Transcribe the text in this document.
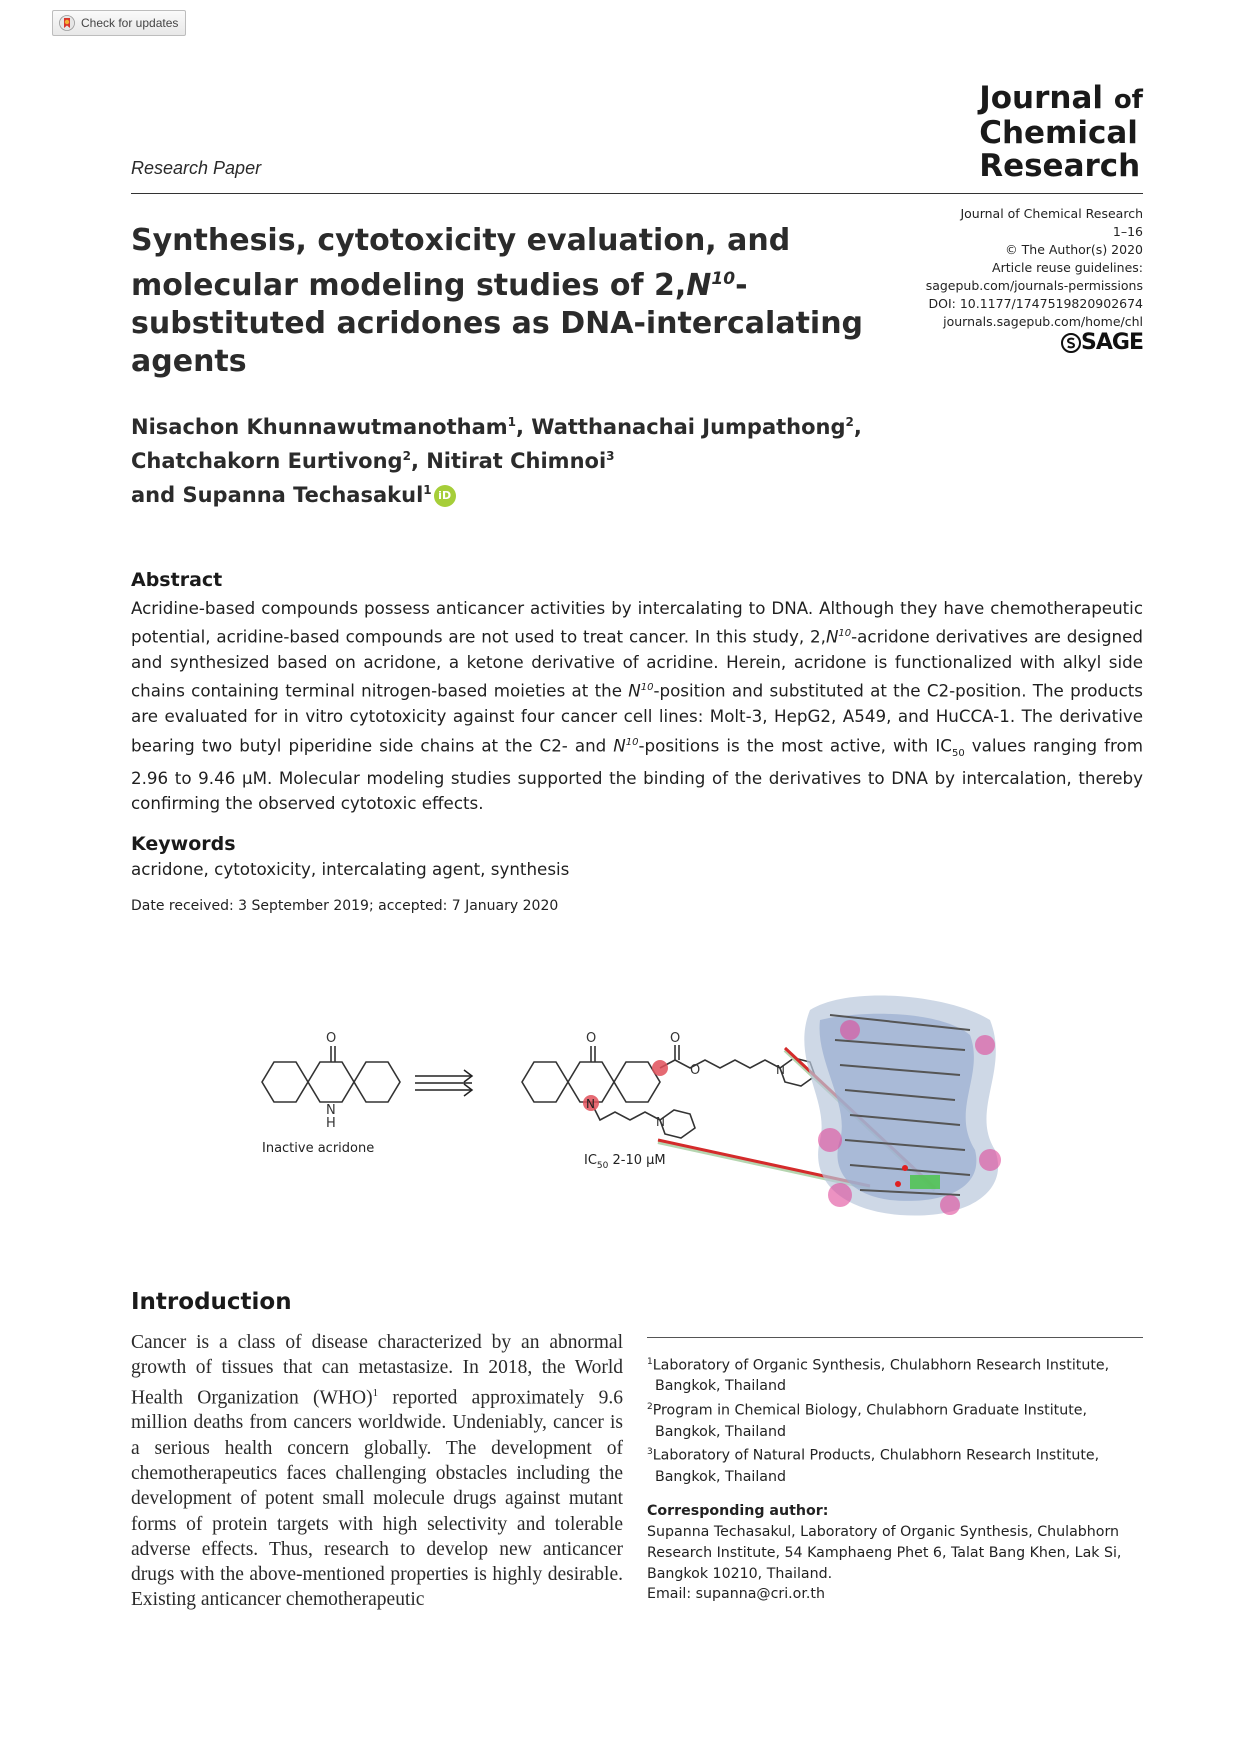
Check for updates
Research Paper
Journal of
Chemical
Research
Synthesis, cytotoxicity evaluation, and molecular modeling studies of $2,N^{10}$-substituted acridones as DNA-intercalating agents
Journal of Chemical Research
1–16
© The Author(s) 2020
Article reuse guidelines:
sagepub.com/journals-permissions
DOI: 10.1177/1747519820902674
journals.sagepub.com/home/chl
SAGE
Nisachon Khunnawutmanotham$^1$, Watthanachai Jumpathong$^2$,
Chatchakorn Eurtivong$^2$, Nitirat Chimnoi$^3$
and Supanna Techasakul$^1$ iD
Abstract
Acridine-based compounds possess anticancer activities by intercalating to DNA. Although they have chemotherapeutic potential, acridine-based compounds are not used to treat cancer. In this study, $2,N^{10}$-acridone derivatives are designed and synthesized based on acridone, a ketone derivative of acridine. Herein, acridone is functionalized with alkyl side chains containing terminal nitrogen-based moieties at the $N^{10}$-position and substituted at the C2-position. The products are evaluated for in vitro cytotoxicity against four cancer cell lines: Molt-3, HepG2, A549, and HuCCA-1. The derivative bearing two butyl piperidine side chains at the C2- and $N^{10}$-positions is the most active, with $IC_{50}$ values ranging from 2.96 to 9.46 μM. Molecular modeling studies supported the binding of the derivatives to DNA by intercalation, thereby confirming the observed cytotoxic effects.
Keywords
acridone, cytotoxicity, intercalating agent, synthesis
Date received: 3 September 2019; accepted: 7 January 2020
O
N
H
Inactive acridone
O
N
O
O	N
N
$IC_{50}$ 2-10 μM
Introduction
Cancer is a class of disease characterized by an abnormal growth of tissues that can metastasize. In 2018, the World Health Organization (WHO)$^1$ reported approximately 9.6 million deaths from cancers worldwide. Undeniably, cancer is a serious health concern globally. The development of chemotherapeutics faces challenging obstacles including the development of potent small molecule drugs against mutant forms of protein targets with high selectivity and tolerable adverse effects. Thus, research to develop new anticancer drugs with the above-mentioned properties is highly desirable. Existing anticancer chemotherapeutic
$^1$Laboratory of Organic Synthesis, Chulabhorn Research Institute, Bangkok, Thailand
$^2$Program in Chemical Biology, Chulabhorn Graduate Institute, Bangkok, Thailand
$^3$Laboratory of Natural Products, Chulabhorn Research Institute, Bangkok, Thailand
Corresponding author:
Supanna Techasakul, Laboratory of Organic Synthesis, Chulabhorn Research Institute, 54 Kamphaeng Phet 6, Talat Bang Khen, Lak Si, Bangkok 10210, Thailand.
Email: supanna@cri.or.th
